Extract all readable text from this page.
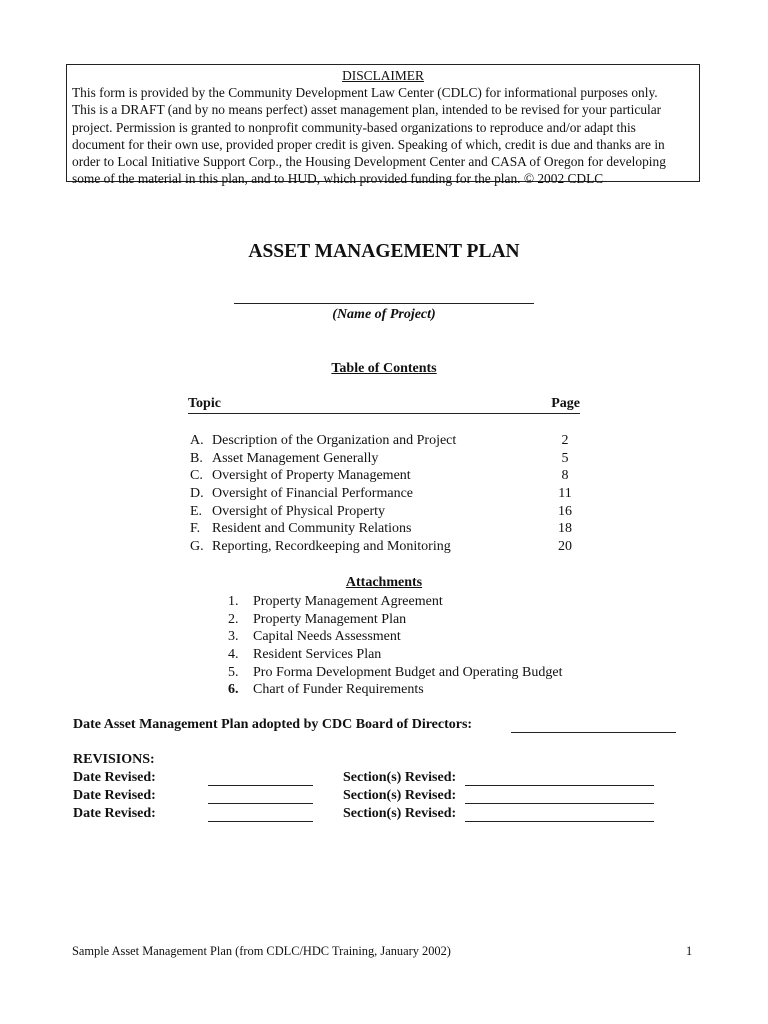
DISCLAIMER
This form is provided by the Community Development Law Center (CDLC) for informational purposes only.
This is a DRAFT (and by no means perfect) asset management plan, intended to be revised for your particular
project. Permission is granted to nonprofit community-based organizations to reproduce and/or adapt this
document for their own use, provided proper credit is given. Speaking of which, credit is due and thanks are in
order to Local Initiative Support Corp., the Housing Development Center and CASA of Oregon for developing
some of the material in this plan, and to HUD, which provided funding for the plan. © 2002 CDLC
ASSET MANAGEMENT PLAN
(Name of Project)
Table of Contents
Topic	Page
A. Description of the Organization and Project	2
B. Asset Management Generally	5
C. Oversight of Property Management	8
D. Oversight of Financial Performance	11
E. Oversight of Physical Property	16
F. Resident and Community Relations	18
G. Reporting, Recordkeeping and Monitoring	20
Attachments
1. Property Management Agreement
2. Property Management Plan
3. Capital Needs Assessment
4. Resident Services Plan
5. Pro Forma Development Budget and Operating Budget
6. Chart of Funder Requirements
Date Asset Management Plan adopted by CDC Board of Directors:
REVISIONS:
Date Revised:	Section(s) Revised:
Date Revised:	Section(s) Revised:
Date Revised:	Section(s) Revised:
Sample Asset Management Plan (from CDLC/HDC Training, January 2002)	1
